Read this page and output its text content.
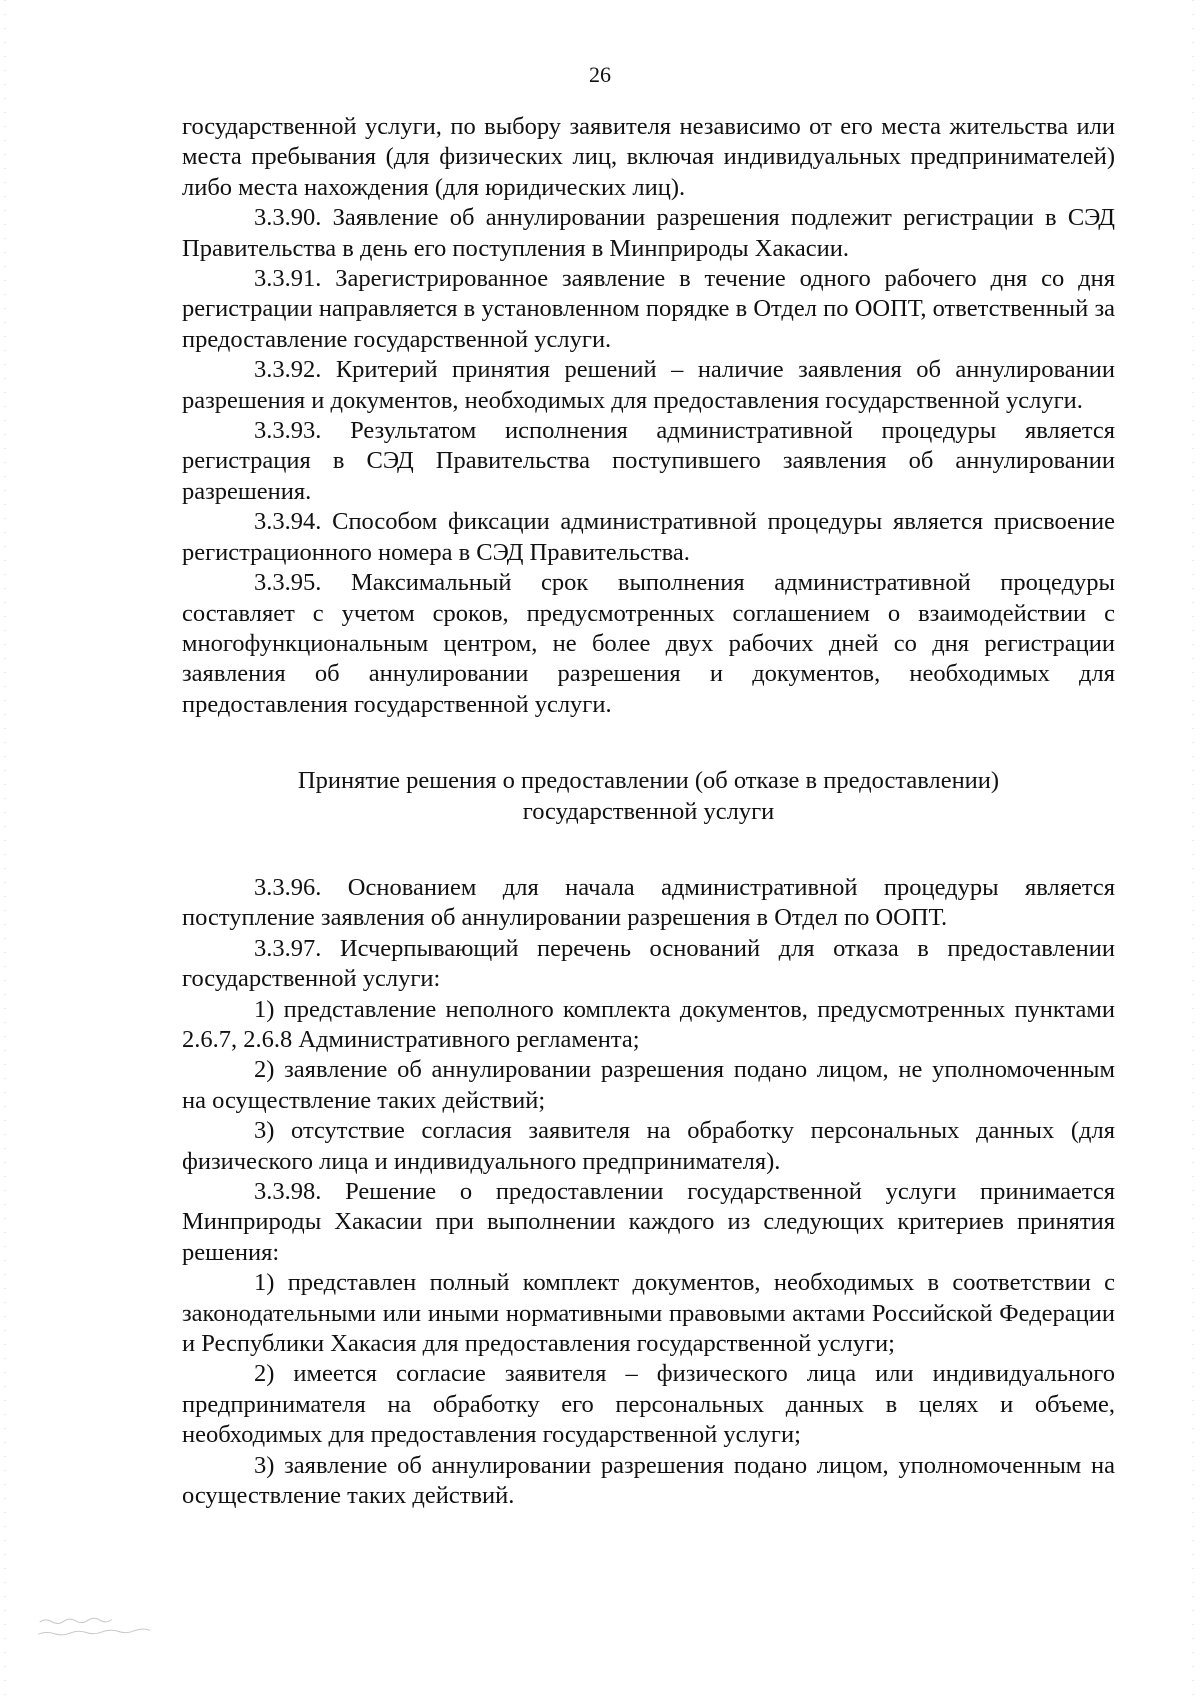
26

государственной услуги, по выбору заявителя независимо от его места жительства или места пребывания (для физических лиц, включая индивидуальных предпринимателей) либо места нахождения (для юридических лиц).

3.3.90. Заявление об аннулировании разрешения подлежит регистрации в СЭД Правительства в день его поступления в Минприроды Хакасии.

3.3.91. Зарегистрированное заявление в течение одного рабочего дня со дня регистрации направляется в установленном порядке в Отдел по ООПТ, ответственный за предоставление государственной услуги.

3.3.92. Критерий принятия решений – наличие заявления об аннулировании разрешения и документов, необходимых для предоставления государственной услуги.

3.3.93. Результатом исполнения административной процедуры является регистрация в СЭД Правительства поступившего заявления об аннулировании разрешения.

3.3.94. Способом фиксации административной процедуры является присвоение регистрационного номера в СЭД Правительства.

3.3.95. Максимальный срок выполнения административной процедуры составляет с учетом сроков, предусмотренных соглашением о взаимодействии с многофункциональным центром, не более двух рабочих дней со дня регистрации заявления об аннулировании разрешения и документов, необходимых для предоставления государственной услуги.

Принятие решения о предоставлении (об отказе в предоставлении)
государственной услуги

3.3.96. Основанием для начала административной процедуры является поступление заявления об аннулировании разрешения в Отдел по ООПТ.

3.3.97. Исчерпывающий перечень оснований для отказа в предоставлении государственной услуги:

1) представление неполного комплекта документов, предусмотренных пунктами 2.6.7, 2.6.8 Административного регламента;

2) заявление об аннулировании разрешения подано лицом, не уполномоченным на осуществление таких действий;

3) отсутствие согласия заявителя на обработку персональных данных (для физического лица и индивидуального предпринимателя).

3.3.98. Решение о предоставлении государственной услуги принимается Минприроды Хакасии при выполнении каждого из следующих критериев принятия решения:

1) представлен полный комплект документов, необходимых в соответствии с законодательными или иными нормативными правовыми актами Российской Федерации и Республики Хакасия для предоставления государственной услуги;

2) имеется согласие заявителя – физического лица или индивидуального предпринимателя на обработку его персональных данных в целях и объеме, необходимых для предоставления государственной услуги;

3) заявление об аннулировании разрешения подано лицом, уполномоченным на осуществление таких действий.
